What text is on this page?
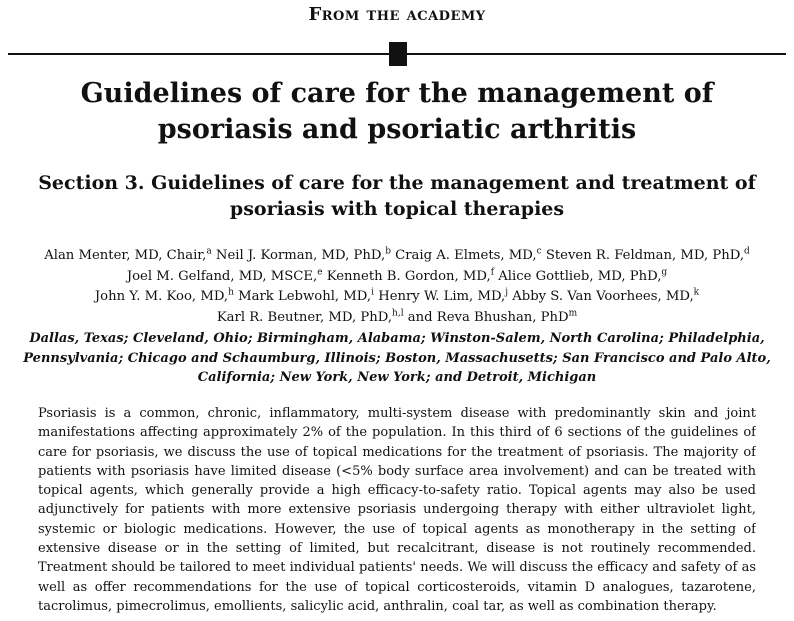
From the academy
Guidelines of care for the management of psoriasis and psoriatic arthritis
Section 3. Guidelines of care for the management and treatment of psoriasis with topical therapies

Alan Menter, MD, Chair,$^a$ Neil J. Korman, MD, PhD,$^b$ Craig A. Elmets, MD,$^c$ Steven R. Feldman, MD, PhD,$^d$
Joel M. Gelfand, MD, MSCE,$^e$ Kenneth B. Gordon, MD,$^f$ Alice Gottlieb, MD, PhD,$^g$
John Y. M. Koo, MD,$^h$ Mark Lebwohl, MD,$^i$ Henry W. Lim, MD,$^j$ Abby S. Van Voorhees, MD,$^k$
Karl R. Beutner, MD, PhD,$^{h,l}$ and Reva Bhushan, PhD$^m$

Dallas, Texas; Cleveland, Ohio; Birmingham, Alabama; Winston-Salem, North Carolina; Philadelphia, Pennsylvania; Chicago and Schaumburg, Illinois; Boston, Massachusetts; San Francisco and Palo Alto, California; New York, New York; and Detroit, Michigan

Psoriasis is a common, chronic, inflammatory, multi-system disease with predominantly skin and joint manifestations affecting approximately 2% of the population. In this third of 6 sections of the guidelines of care for psoriasis, we discuss the use of topical medications for the treatment of psoriasis. The majority of patients with psoriasis have limited disease (<5% body surface area involvement) and can be treated with topical agents, which generally provide a high efficacy-to-safety ratio. Topical agents may also be used adjunctively for patients with more extensive psoriasis undergoing therapy with either ultraviolet light, systemic or biologic medications. However, the use of topical agents as monotherapy in the setting of extensive disease or in the setting of limited, but recalcitrant, disease is not routinely recommended. Treatment should be tailored to meet individual patients' needs. We will discuss the efficacy and safety of as well as offer recommendations for the use of topical corticosteroids, vitamin D analogues, tazarotene, tacrolimus, pimecrolimus, emollients, salicylic acid, anthralin, coal tar, as well as combination therapy.
